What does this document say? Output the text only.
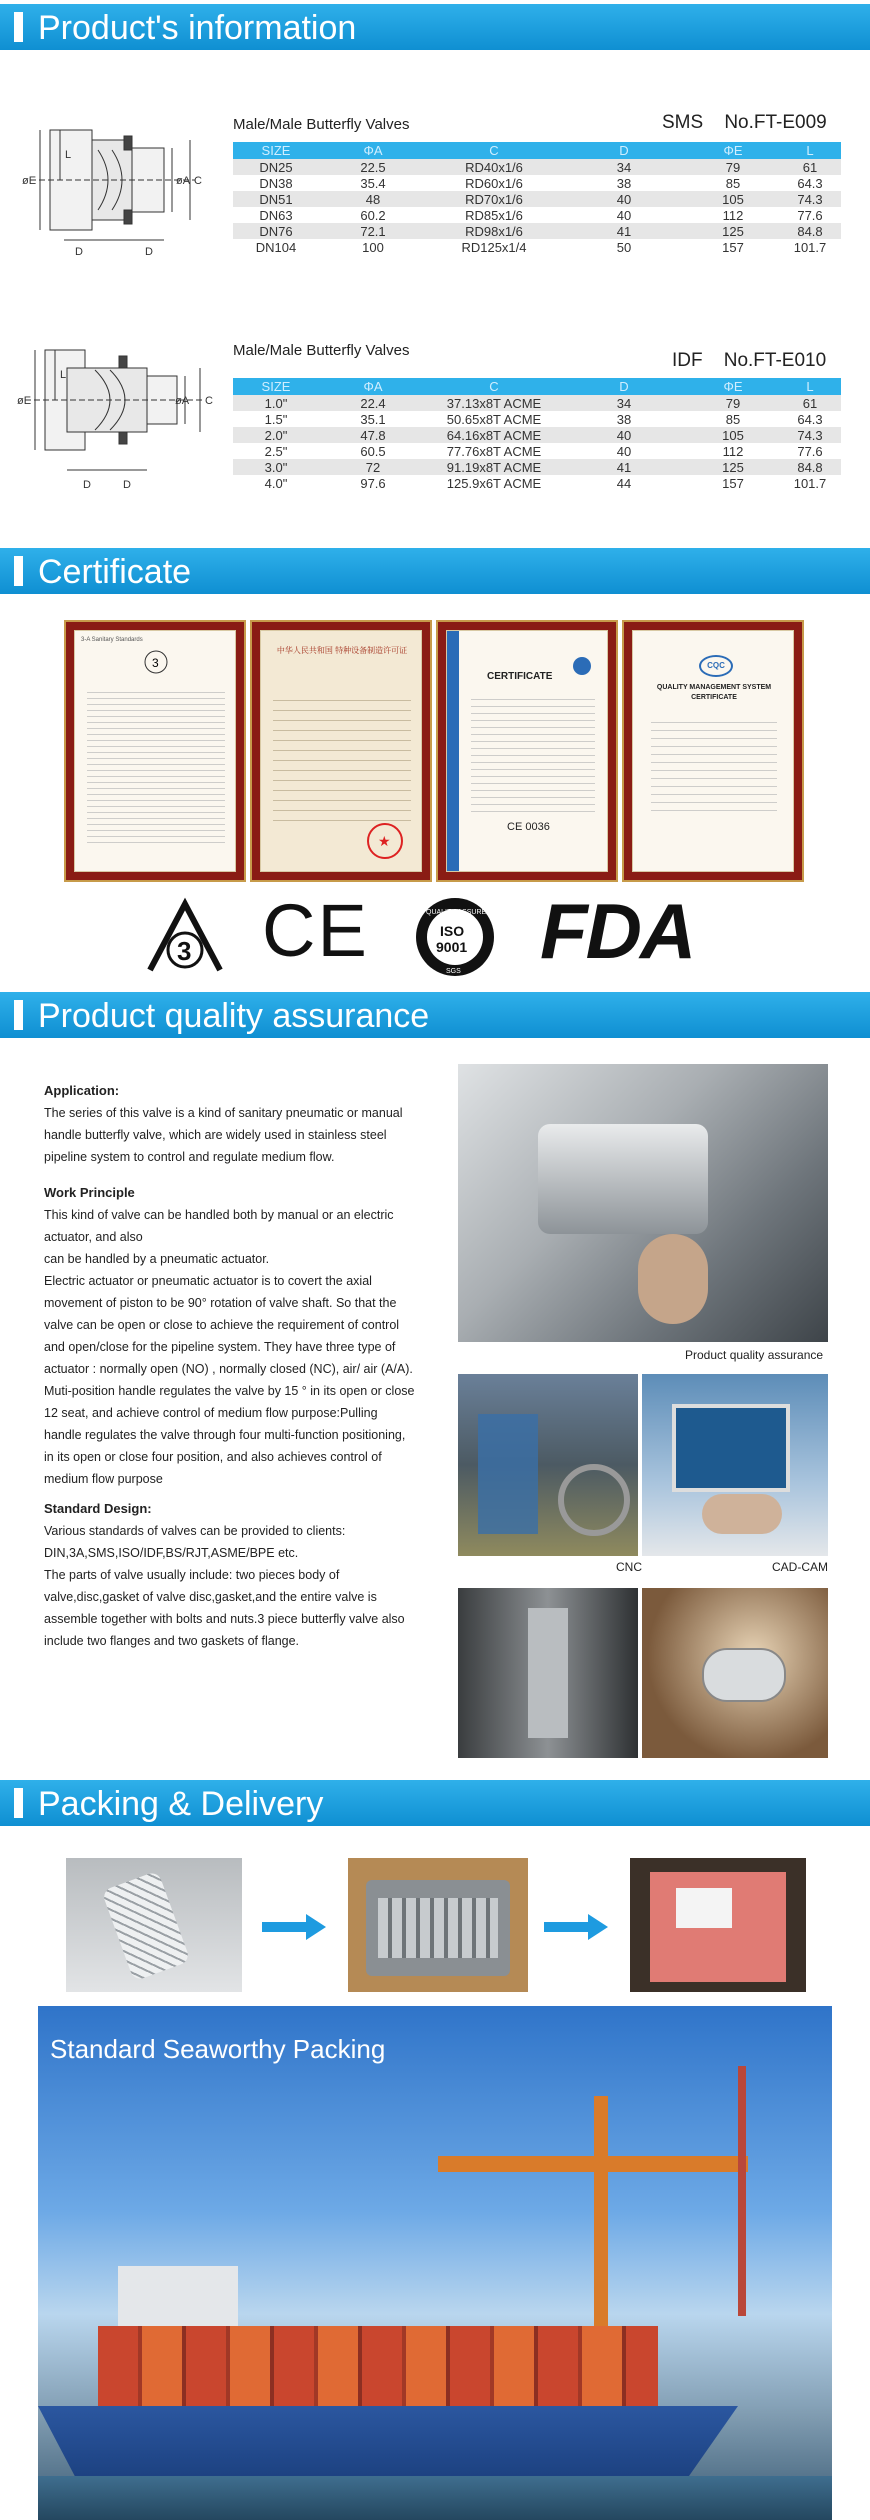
Product's information
øE
L
øA C
D	D
Male/Male Butterfly Valves	SMS No.FT-E009
SIZE	ΦA	C	D	ΦE	L
DN25	22.5	RD40x1/6	34	79	61
DN38	35.4	RD60x1/6	38	85	64.3
DN51	48	RD70x1/6	40	105	74.3
DN63	60.2	RD85x1/6	40	112	77.6
DN76	72.1	RD98x1/6	41	125	84.8
DN104	100	RD125x1/4	50	157	101.7
øE
L
øA C
D	D
Male/Male Butterfly Valves	IDF No.FT-E010
SIZE	ΦA	C	D	ΦE	L
1.0"	22.4	37.13x8T ACME	34	79	61
1.5"	35.1	50.65x8T ACME	38	85	64.3
2.0"	47.8	64.16x8T ACME	40	105	74.3
2.5"	60.5	77.76x8T ACME	40	112	77.6
3.0"	72	91.19x8T ACME	41	125	84.8
4.0"	97.6	125.9x6T ACME	44	157	101.7
Certificate
3-A Sanitary Standards
3
中华人民共和国 特种设备制造许可证
★
CERTIFICATE
CE 0036
CQC
QUALITY MANAGEMENT SYSTEM CERTIFICATE
3 CE	QUALITY ASSURED FIRM
ISO
9001
SGS FDA
Product quality assurance
Application:
The series of this valve is a kind of sanitary pneumatic or manual handle butterfly valve, which are widely used in stainless steel pipeline system to control and regulate medium flow.
Work Principle
This kind of valve can be handled both by manual or an electric actuator, and also
can be handled by a pneumatic actuator.
Electric actuator or pneumatic actuator is to covert the axial movement of piston to be 90° rotation of valve shaft. So that the valve can be open or close to achieve the requirement of control and open/close for the pipeline system. They have three type of actuator : normally open (NO) , normally closed (NC), air/ air (A/A).
Muti-position handle regulates the valve by 15 ° in its open or close 12 seat, and achieve control of medium flow purpose:Pulling handle regulates the valve through four multi-function positioning, in its open or close four position, and also achieves control of medium flow purpose
Standard Design:
Various standards of valves can be provided to clients: DIN,3A,SMS,ISO/IDF,BS/RJT,ASME/BPE etc.
The parts of valve usually include: two pieces body of valve,disc,gasket of valve disc,gasket,and the entire valve is assemble together with bolts and nuts.3 piece butterfly valve also include two flanges and two gaskets of flange.
Product quality assurance
CNC	CAD-CAM
Packing & Delivery
Standard Seaworthy Packing
